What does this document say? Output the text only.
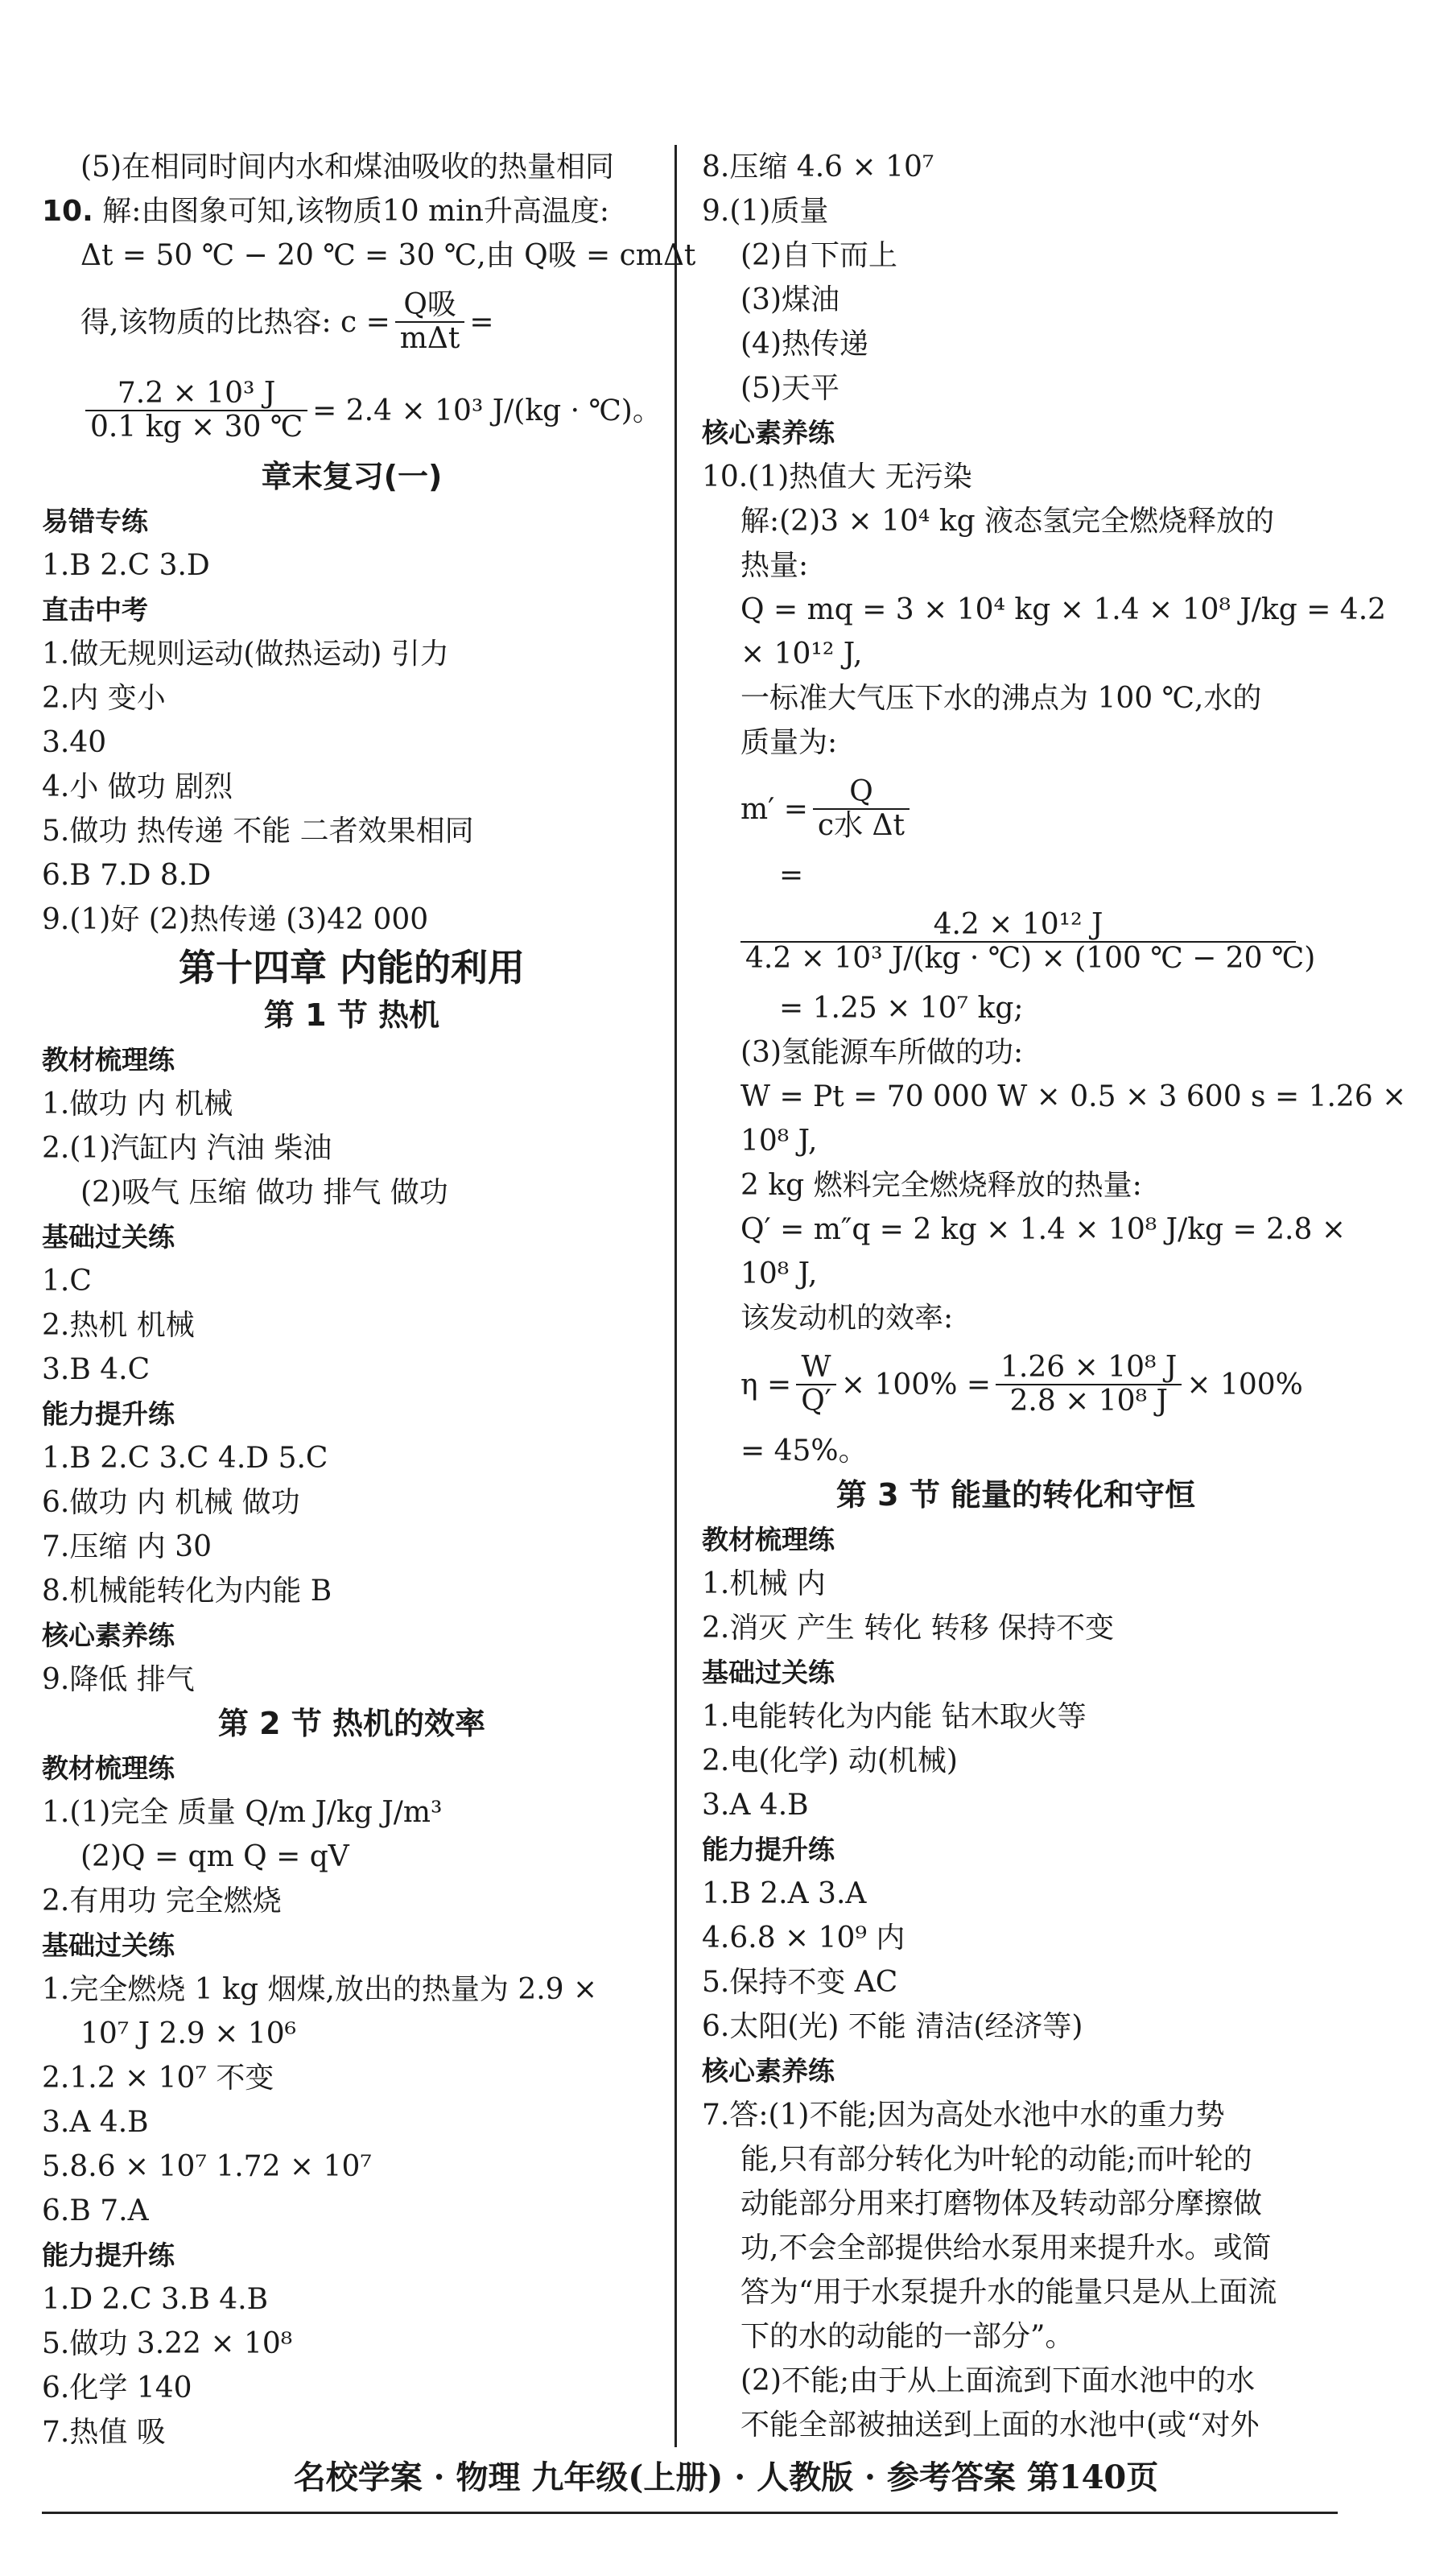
(5)在相同时间内水和煤油吸收的热量相同
10. 解:由图象可知,该物质10 min升高温度:
Δt = 50 ℃ − 20 ℃ = 30 ℃,由 Q吸 = cmΔt
得,该物质的比热容: $c = \frac{\text{Q吸}}{\text{mΔt}}$ =
$\frac{\text{7.2 × 10³ J}}{0.1 kg \times 30 ℃} = 2.4 \times 10^3$ J/(kg · ℃)。
章末复习(一)
易错专练
1.B 2.C 3.D
直击中考
1.做无规则运动(做热运动) 引力
2.内 变小
3.40
4.小 做功 剧烈
5.做功 热传递 不能 二者效果相同
6.B 7.D 8.D
9.(1)好 (2)热传递 (3)42 000
第十四章 内能的利用
第 1 节 热机
教材梳理练
1.做功 内 机械
2.(1)汽缸内 汽油 柴油
(2)吸气 压缩 做功 排气 做功
基础过关练
1.C
2.热机 机械
3.B 4.C
能力提升练
1.B 2.C 3.C 4.D 5.C
6.做功 内 机械 做功
7.压缩 内 30
8.机械能转化为内能 B
核心素养练
9.降低 排气
第 2 节 热机的效率
教材梳理练
1.(1)完全 质量 Q/m J/kg J/m³
(2)Q = qm Q = qV
2.有用功 完全燃烧
基础过关练
1.完全燃烧 1 kg 烟煤,放出的热量为 2.9 ×
10⁷ J 2.9 × 10⁶
2.1.2 × 10⁷ 不变
3.A 4.B
5.8.6 × 10⁷ 1.72 × 10⁷
6.B 7.A
能力提升练
1.D 2.C 3.B 4.B
5.做功 3.22 × 10⁸
6.化学 140
7.热值 吸
8.压缩 4.6 × 10⁷
9.(1)质量
(2)自下而上
(3)煤油
(4)热传递
(5)天平
核心素养练
10.(1)热值大 无污染
解:(2)3 × 10⁴ kg 液态氢完全燃烧释放的
热量:
Q = mq = 3 × 10⁴ kg × 1.4 × 10⁸ J/kg = 4.2
× 10¹² J,
一标准大气压下水的沸点为 100 ℃,水的
质量为:
$m' = \frac{Q}{\text{c水 Δt}}$
=
$\frac{\text{4.2 × 10¹² J}}{\text{4.2 × 10³ J/(kg · ℃) × (100 ℃ − 20 ℃)}}$
= 1.25 × 10⁷ kg;
(3)氢能源车所做的功:
W = Pt = 70 000 W × 0.5 × 3 600 s = 1.26 ×
10⁸ J,
2 kg 燃料完全燃烧释放的热量:
Q′ = m″q = 2 kg × 1.4 × 10⁸ J/kg = 2.8 ×
10⁸ J,
该发动机的效率:
$\eta = \frac{W}{Q'} \times 100\% = \frac{\text{1.26 × 10⁸ J}}{\text{2.8 × 10⁸ J}} \times 100\%$
= 45%。
第 3 节 能量的转化和守恒
教材梳理练
1.机械 内
2.消灭 产生 转化 转移 保持不变
基础过关练
1.电能转化为内能 钻木取火等
2.电(化学) 动(机械)
3.A 4.B
能力提升练
1.B 2.A 3.A
4.6.8 × 10⁹ 内
5.保持不变 AC
6.太阳(光) 不能 清洁(经济等)
核心素养练
7.答:(1)不能;因为高处水池中水的重力势
能,只有部分转化为叶轮的动能;而叶轮的
动能部分用来打磨物体及转动部分摩擦做
功,不会全部提供给水泵用来提升水。或简
答为“用于水泵提升水的能量只是从上面流
下的水的动能的一部分”。
(2)不能;由于从上面流到下面水池中的水
不能全部被抽送到上面的水池中(或“对外
名校学案 · 物理 九年级(上册) · 人教版 · 参考答案 第140页
